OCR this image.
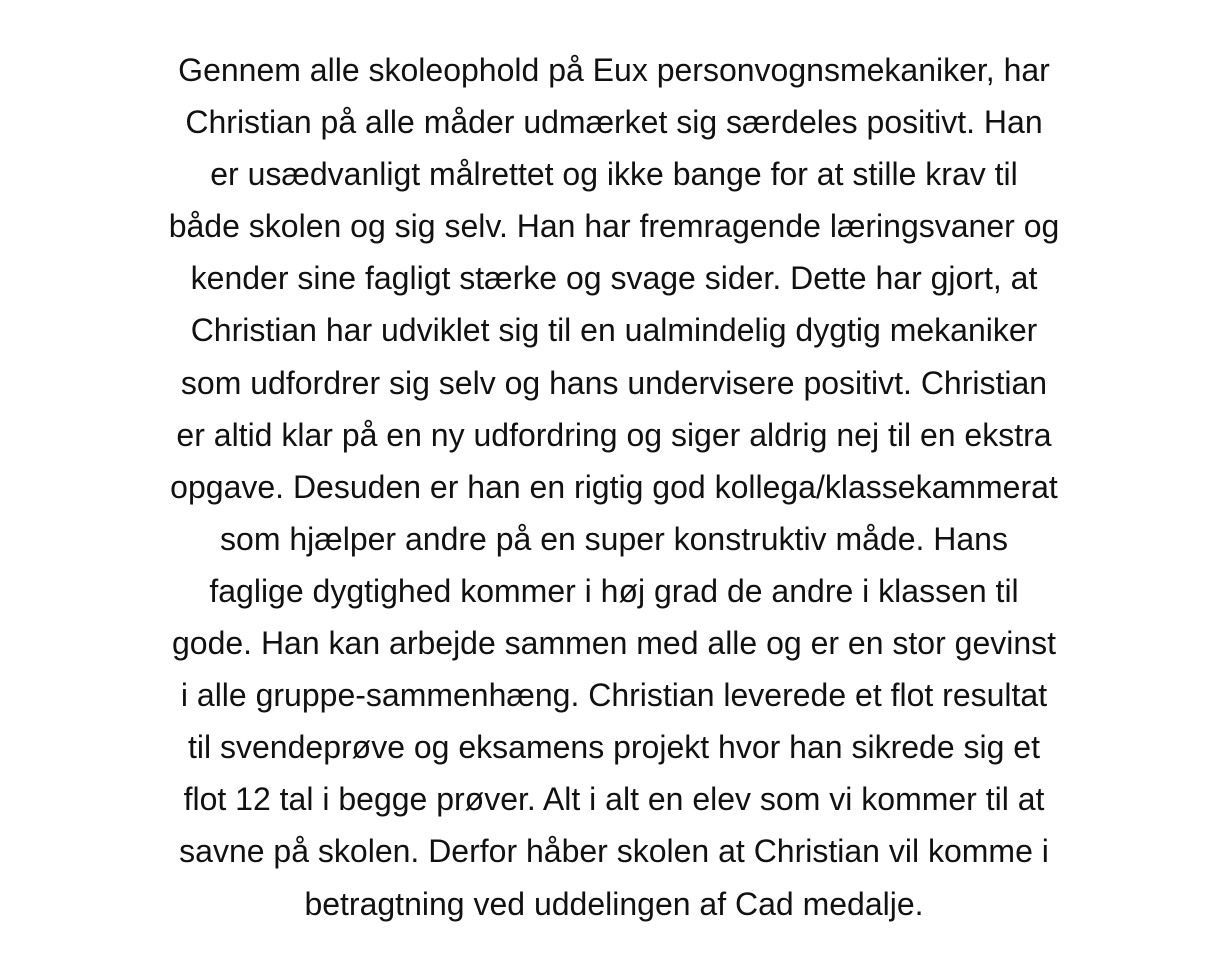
Gennem alle skoleophold på Eux personvognsmekaniker, har
Christian på alle måder udmærket sig særdeles positivt. Han
er usædvanligt målrettet og ikke bange for at stille krav til
både skolen og sig selv. Han har fremragende læringsvaner og
kender sine fagligt stærke og svage sider. Dette har gjort, at
Christian har udviklet sig til en ualmindelig dygtig mekaniker
som udfordrer sig selv og hans undervisere positivt. Christian
er altid klar på en ny udfordring og siger aldrig nej til en ekstra
opgave. Desuden er han en rigtig god kollega/klassekammerat
som hjælper andre på en super konstruktiv måde. Hans
faglige dygtighed kommer i høj grad de andre i klassen til
gode. Han kan arbejde sammen med alle og er en stor gevinst
i alle gruppe-sammenhæng. Christian leverede et flot resultat
til svendeprøve og eksamens projekt hvor han sikrede sig et
flot 12 tal i begge prøver. Alt i alt en elev som vi kommer til at
savne på skolen. Derfor håber skolen at Christian vil komme i
betragtning ved uddelingen af Cad medalje.
